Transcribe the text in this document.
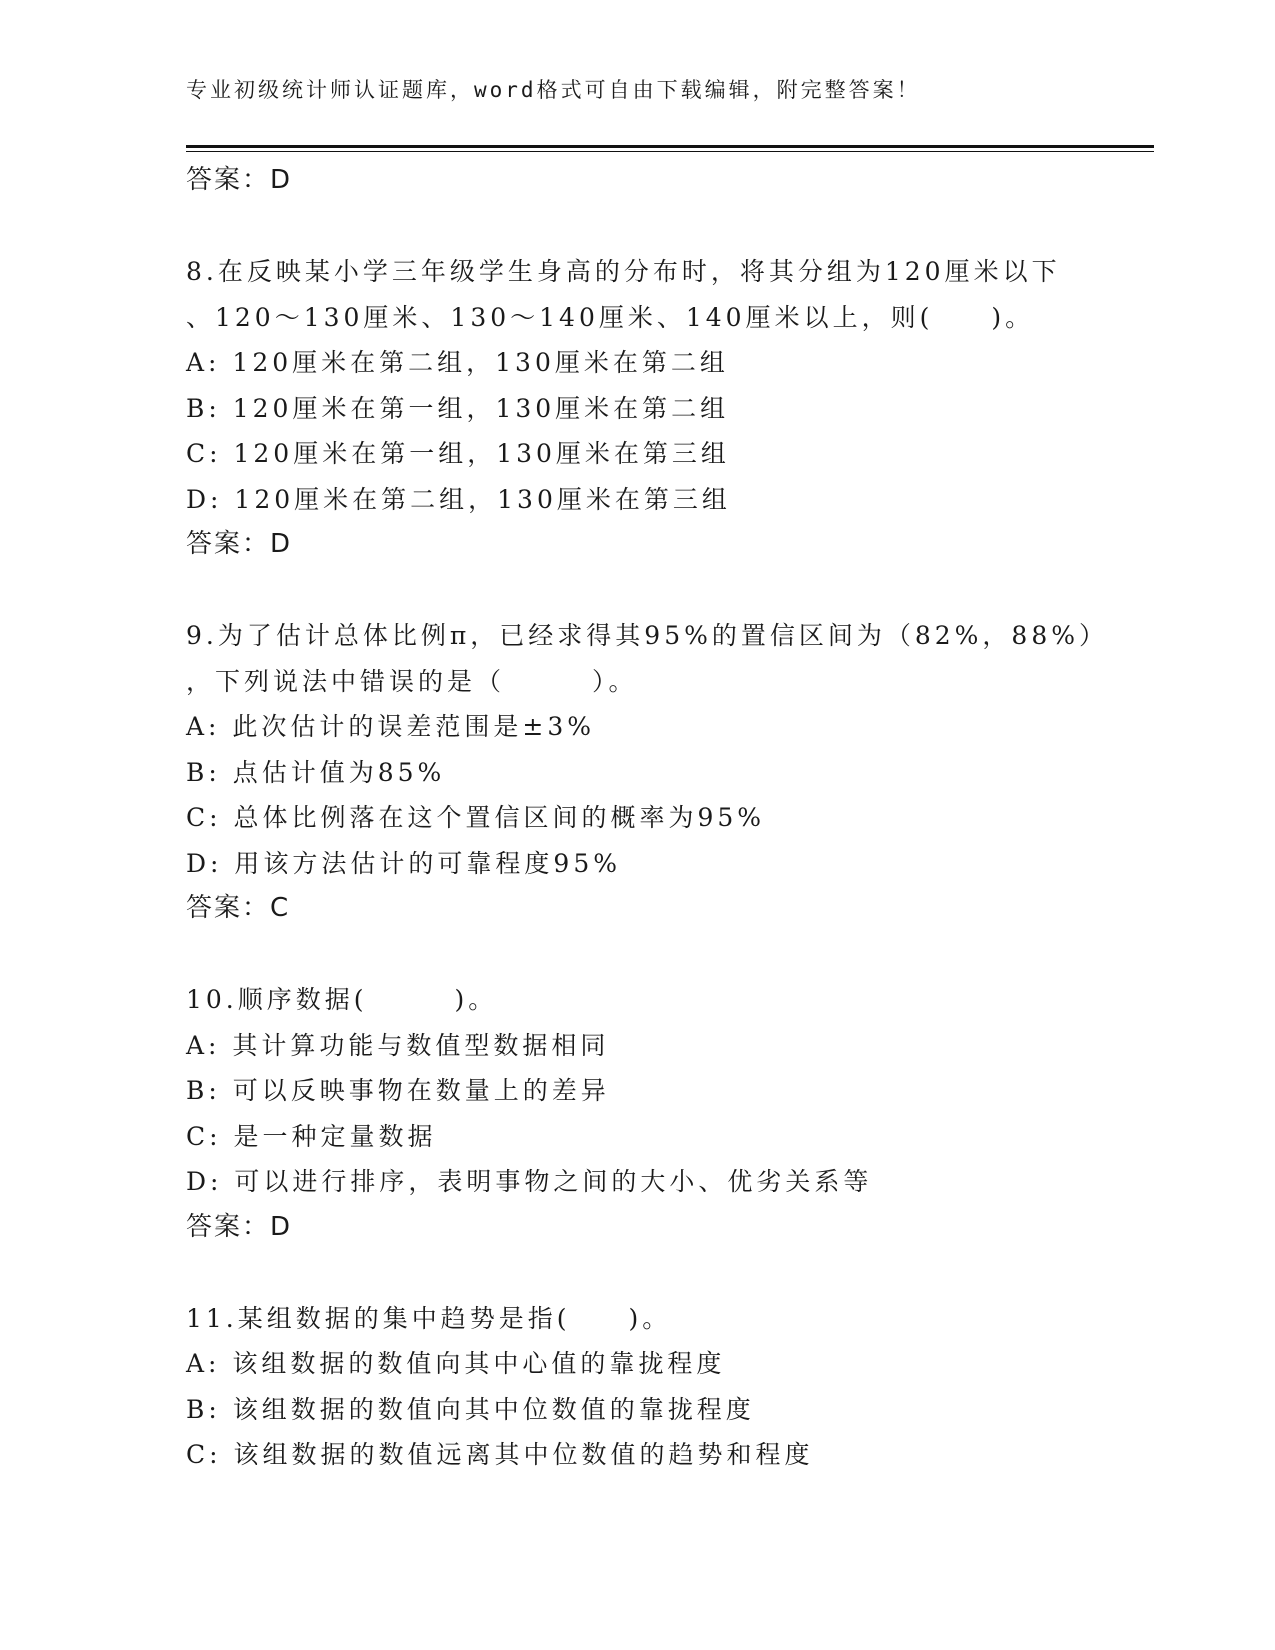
专业初级统计师认证题库，word格式可自由下载编辑，附完整答案！
答案：D
8.在反映某小学三年级学生身高的分布时，将其分组为120厘米以下
、120～130厘米、130～140厘米、140厘米以上，则(　　)。
A: 120厘米在第二组，130厘米在第二组
B: 120厘米在第一组，130厘米在第二组
C: 120厘米在第一组，130厘米在第三组
D: 120厘米在第二组，130厘米在第三组
答案：D
9.为了估计总体比例π，已经求得其95%的置信区间为（82%，88%）
，下列说法中错误的是（　　　）。
A: 此次估计的误差范围是±3%
B: 点估计值为85%
C: 总体比例落在这个置信区间的概率为95%
D: 用该方法估计的可靠程度95%
答案：C
10.顺序数据(　　　)。
A: 其计算功能与数值型数据相同
B: 可以反映事物在数量上的差异
C: 是一种定量数据
D: 可以进行排序，表明事物之间的大小、优劣关系等
答案：D
11.某组数据的集中趋势是指(　　)。
A: 该组数据的数值向其中心值的靠拢程度
B: 该组数据的数值向其中位数值的靠拢程度
C: 该组数据的数值远离其中位数值的趋势和程度
